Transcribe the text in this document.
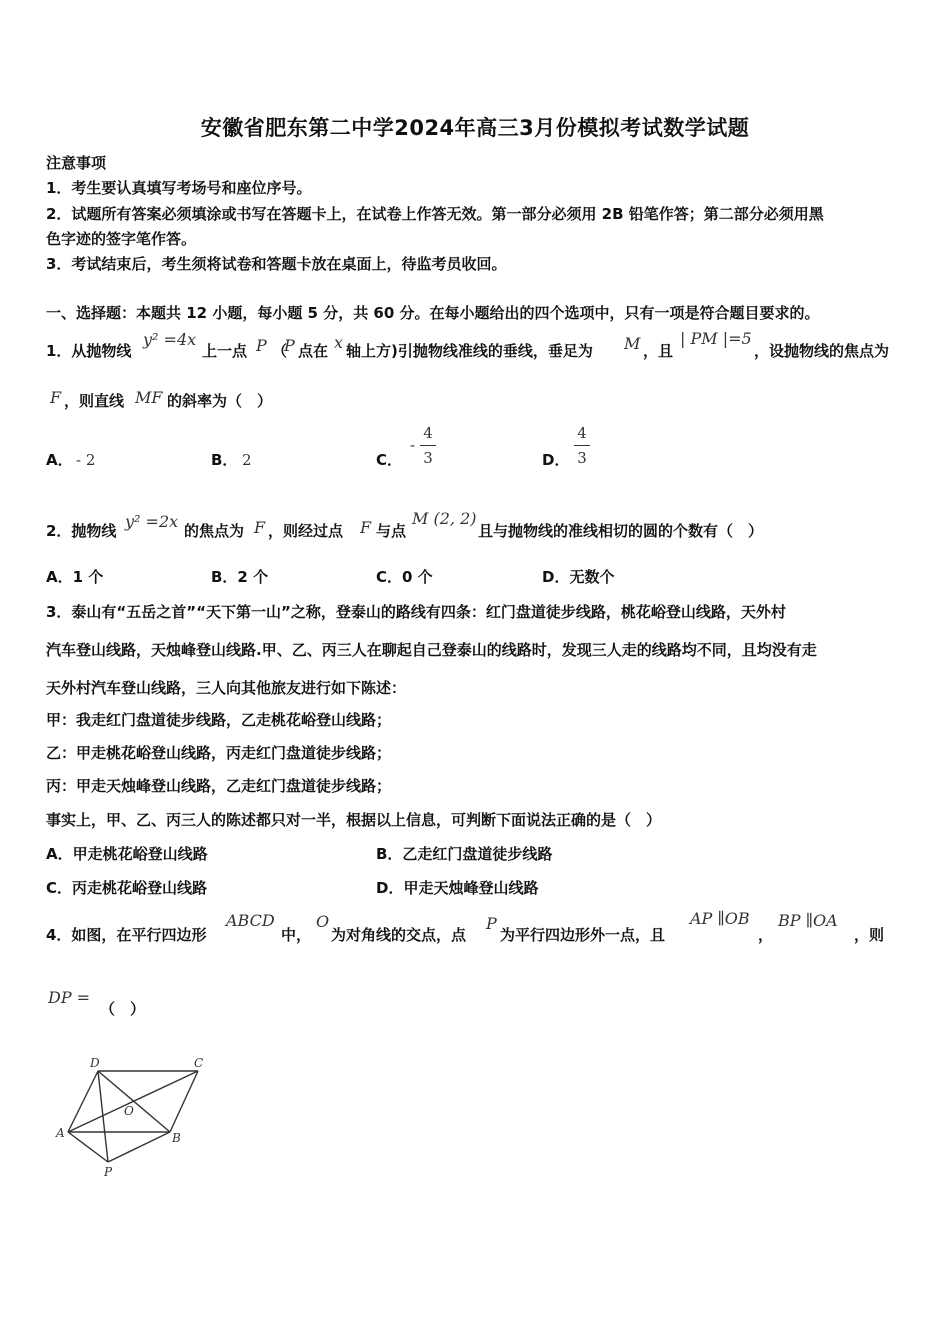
安徽省肥东第二中学2024年高三3月份模拟考试数学试题
注意事项
1．考生要认真填写考场号和座位序号。
2．试题所有答案必须填涂或书写在答题卡上，在试卷上作答无效。第一部分必须用 2B 铅笔作答；第二部分必须用黑
色字迹的签字笔作答。
3．考试结束后，考生须将试卷和答题卡放在桌面上，待监考员收回。
一、选择题：本题共 12 小题，每小题 5 分，共 60 分。在每小题给出的四个选项中，只有一项是符合题目要求的。
1．从抛物线
y² =4x
上一点 P （
P 点在 x 轴上方)引抛物线准线的垂线，垂足为 M ，且
| PM |=5
，设抛物线的焦点为
F ，则直线 MF 的斜率为（　）
A． - 2	B． 2	C．
-
4
3	D．
4
3
2．抛物线 y² =2x 的焦点为 F ，则经过点 F 与点
M (2, 2)
且与抛物线的准线相切的圆的个数有（　）
A．1 个	B．2 个	C．0 个	D．无数个
3．泰山有“五岳之首”“天下第一山”之称，登泰山的路线有四条：红门盘道徒步线路，桃花峪登山线路，天外村
汽车登山线路，天烛峰登山线路.甲、乙、丙三人在聊起自己登泰山的线路时，发现三人走的线路均不同，且均没有走
天外村汽车登山线路，三人向其他旅友进行如下陈述：
甲：我走红门盘道徒步线路，乙走桃花峪登山线路；
乙：甲走桃花峪登山线路，丙走红门盘道徒步线路；
丙：甲走天烛峰登山线路，乙走红门盘道徒步线路；
事实上，甲、乙、丙三人的陈述都只对一半，根据以上信息，可判断下面说法正确的是（　）
A．甲走桃花峪登山线路	B．乙走红门盘道徒步线路
C．丙走桃花峪登山线路	D．甲走天烛峰登山线路
4．如图，在平行四边形
ABCD
中，
O
为对角线的交点，点
P
为平行四边形外一点，且
AP ∥OB
，
BP ∥OA
，则
DP =
（　）
A	B
C
D
O
P
